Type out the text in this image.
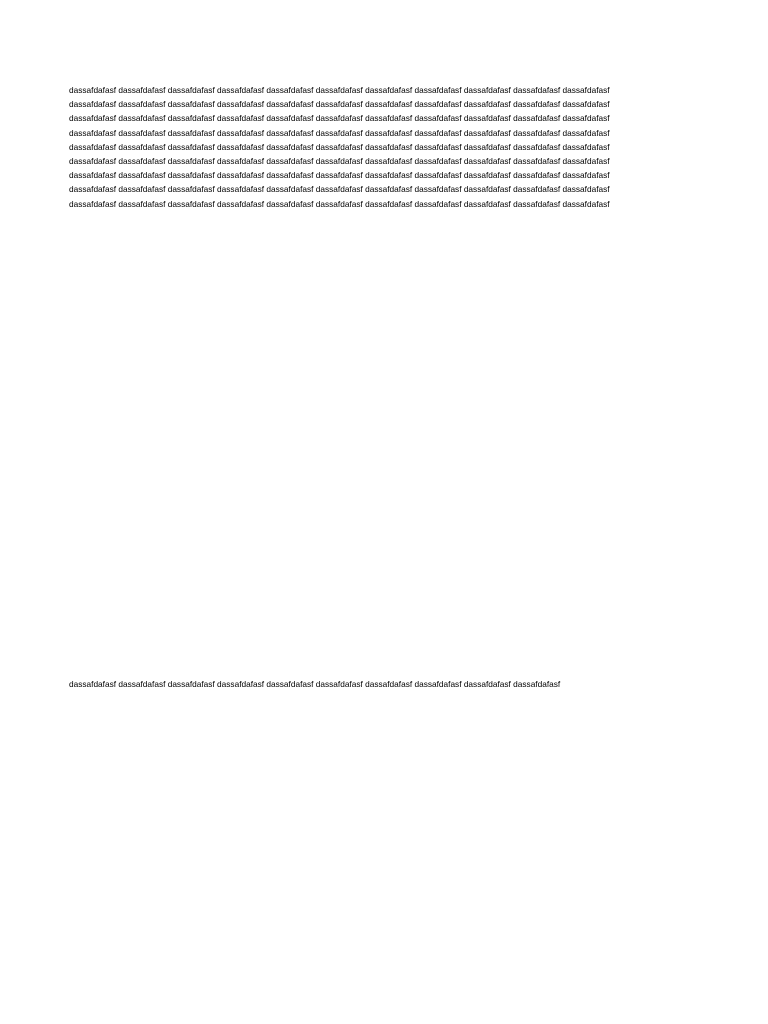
dassafdafasf dassafdafasf dassafdafasf dassafdafasf dassafdafasf dassafdafasf dassafdafasf dassafdafasf dassafdafasf dassafdafasf dassafdafasf
dassafdafasf dassafdafasf dassafdafasf dassafdafasf dassafdafasf dassafdafasf dassafdafasf dassafdafasf dassafdafasf dassafdafasf dassafdafasf
dassafdafasf dassafdafasf dassafdafasf dassafdafasf dassafdafasf dassafdafasf dassafdafasf dassafdafasf dassafdafasf dassafdafasf dassafdafasf
dassafdafasf dassafdafasf dassafdafasf dassafdafasf dassafdafasf dassafdafasf dassafdafasf dassafdafasf dassafdafasf dassafdafasf dassafdafasf
dassafdafasf dassafdafasf dassafdafasf dassafdafasf dassafdafasf dassafdafasf dassafdafasf dassafdafasf dassafdafasf dassafdafasf dassafdafasf
dassafdafasf dassafdafasf dassafdafasf dassafdafasf dassafdafasf dassafdafasf dassafdafasf dassafdafasf dassafdafasf dassafdafasf dassafdafasf
dassafdafasf dassafdafasf dassafdafasf dassafdafasf dassafdafasf dassafdafasf dassafdafasf dassafdafasf dassafdafasf dassafdafasf dassafdafasf
dassafdafasf dassafdafasf dassafdafasf dassafdafasf dassafdafasf dassafdafasf dassafdafasf dassafdafasf dassafdafasf dassafdafasf dassafdafasf
dassafdafasf dassafdafasf dassafdafasf dassafdafasf dassafdafasf dassafdafasf dassafdafasf dassafdafasf dassafdafasf dassafdafasf dassafdafasf
dassafdafasf dassafdafasf dassafdafasf dassafdafasf dassafdafasf dassafdafasf dassafdafasf dassafdafasf dassafdafasf dassafdafasf
